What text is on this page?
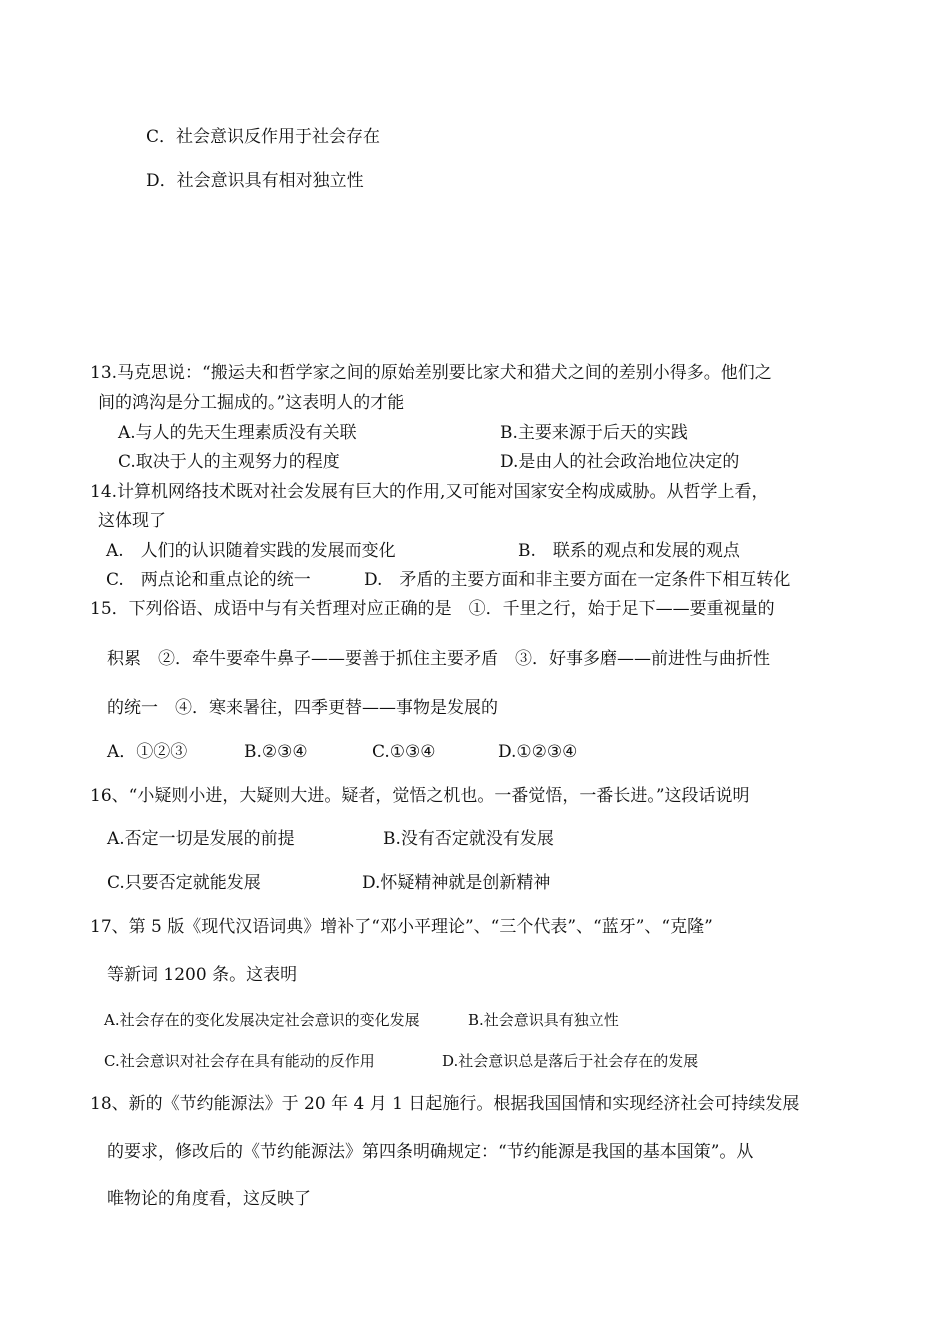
C．社会意识反作用于社会存在
D．社会意识具有相对独立性
13.马克思说：“搬运夫和哲学家之间的原始差别要比家犬和猎犬之间的差别小得多。他们之
间的鸿沟是分工掘成的。”这表明人的才能
A.与人的先天生理素质没有关联	B.主要来源于后天的实践
C.取决于人的主观努力的程度	D.是由人的社会政治地位决定的
14.计算机网络技术既对社会发展有巨大的作用,又可能对国家安全构成威胁。从哲学上看，
这体现了
A.　人们的认识随着实践的发展而变化	B.　联系的观点和发展的观点
C.　两点论和重点论的统一	D.　矛盾的主要方面和非主要方面在一定条件下相互转化
15．下列俗语、成语中与有关哲理对应正确的是　①．千里之行，始于足下——要重视量的
积累　②．牵牛要牵牛鼻子——要善于抓住主要矛盾　③．好事多磨——前进性与曲折性
的统一　④．寒来暑往，四季更替——事物是发展的
A．①②③	B.②③④	C.①③④	D.①②③④
16、“小疑则小进，大疑则大进。疑者，觉悟之机也。一番觉悟，一番长进。”这段话说明
A.否定一切是发展的前提	B.没有否定就没有发展
C.只要否定就能发展	D.怀疑精神就是创新精神
17、第 5 版《现代汉语词典》增补了“邓小平理论”、“三个代表”、“蓝牙”、“克隆”
等新词 1200 条。这表明
A.社会存在的变化发展决定社会意识的变化发展	B.社会意识具有独立性
C.社会意识对社会存在具有能动的反作用	D.社会意识总是落后于社会存在的发展
18、新的《节约能源法》于 20 年 4 月 1 日起施行。根据我国国情和实现经济社会可持续发展
的要求，修改后的《节约能源法》第四条明确规定：“节约能源是我国的基本国策”。从
唯物论的角度看，这反映了
